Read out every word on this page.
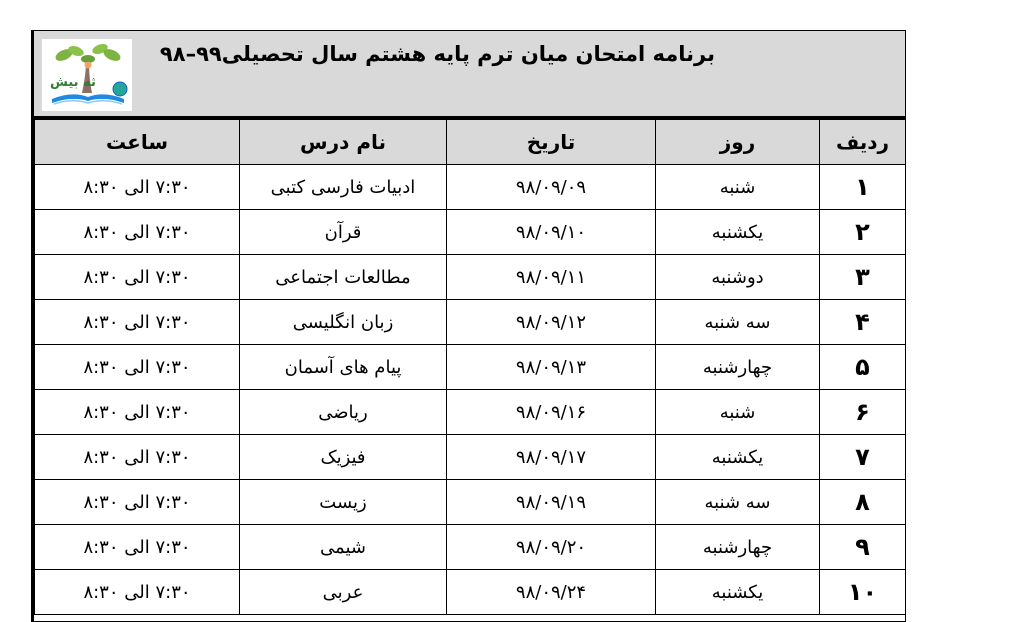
ثه بیش
برنامه امتحان میان ترم پایه هشتم سال تحصیلی۹۹–۹۸
ردیف	روز	تاریخ	نام درس	ساعت
۱	شنبه	۹۸/۰۹/۰۹	ادبیات فارسی کتبی	۷:۳۰ الی ۸:۳۰
۲	یکشنبه	۹۸/۰۹/۱۰	قرآن	۷:۳۰ الی ۸:۳۰
۳	دوشنبه	۹۸/۰۹/۱۱	مطالعات اجتماعی	۷:۳۰ الی ۸:۳۰
۴	سه شنبه	۹۸/۰۹/۱۲	زبان انگلیسی	۷:۳۰ الی ۸:۳۰
۵	چهارشنبه	۹۸/۰۹/۱۳	پیام های آسمان	۷:۳۰ الی ۸:۳۰
۶	شنبه	۹۸/۰۹/۱۶	ریاضی	۷:۳۰ الی ۸:۳۰
۷	یکشنبه	۹۸/۰۹/۱۷	فیزیک	۷:۳۰ الی ۸:۳۰
۸	سه شنبه	۹۸/۰۹/۱۹	زیست	۷:۳۰ الی ۸:۳۰
۹	چهارشنبه	۹۸/۰۹/۲۰	شیمی	۷:۳۰ الی ۸:۳۰
۱۰	یکشنبه	۹۸/۰۹/۲۴	عربی	۷:۳۰ الی ۸:۳۰
